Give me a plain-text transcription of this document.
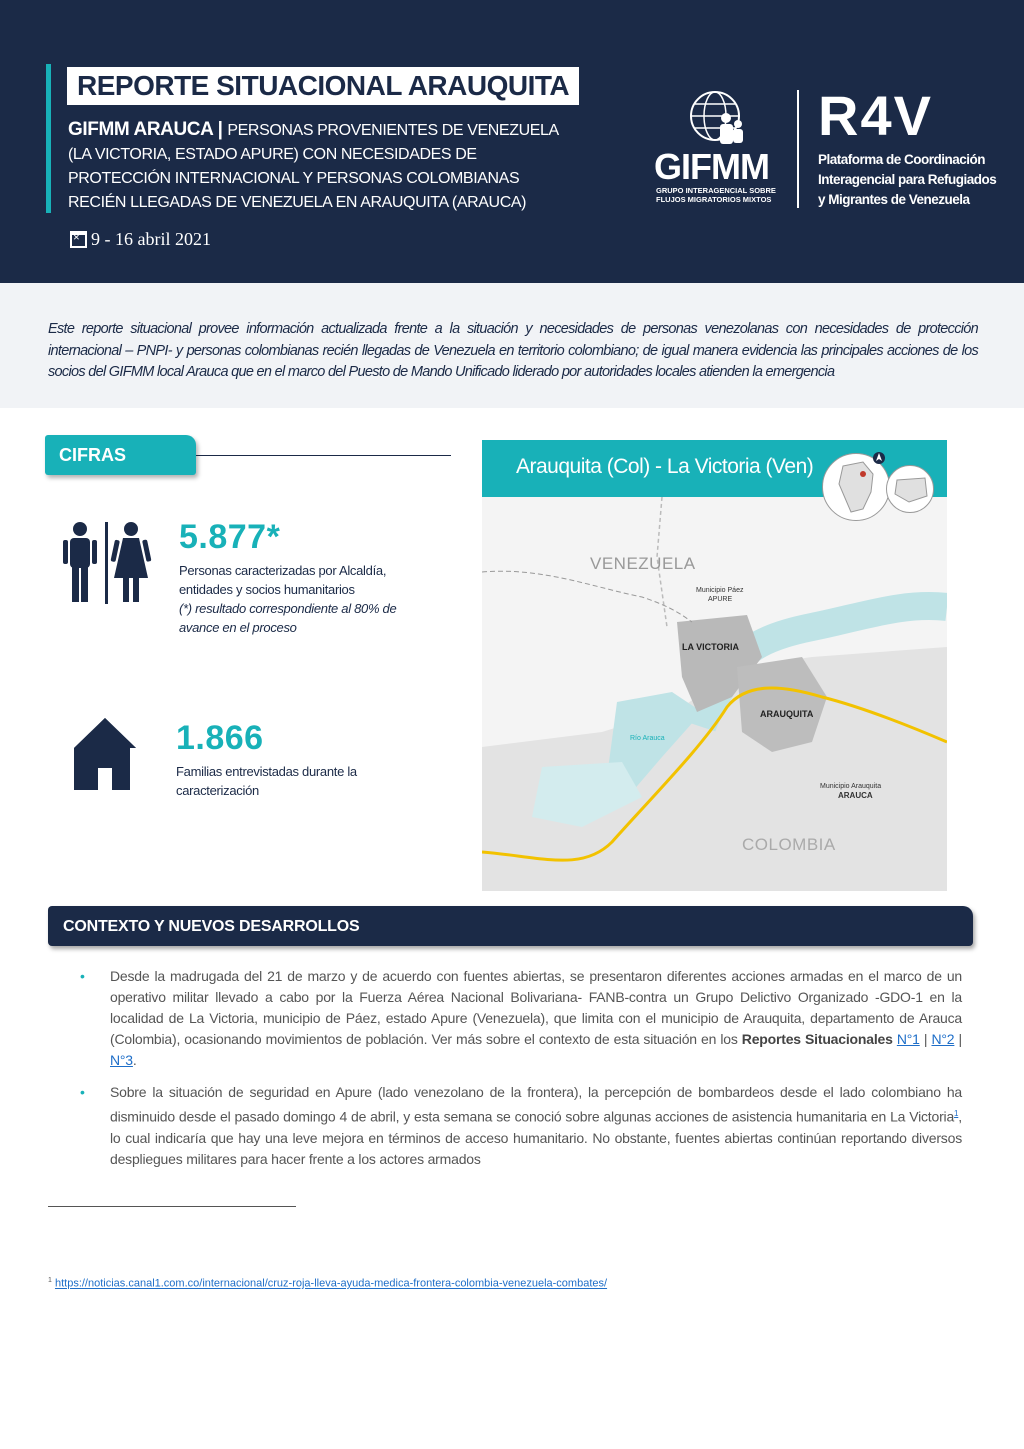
REPORTE SITUACIONAL ARAUQUITA
GIFMM ARAUCA | PERSONAS PROVENIENTES DE VENEZUELA (LA VICTORIA, ESTADO APURE) CON NECESIDADES DE PROTECCIÓN INTERNACIONAL Y PERSONAS COLOMBIANAS RECIÉN LLEGADAS DE VENEZUELA EN ARAUQUITA (ARAUCA)
×
9 - 16 abril 2021
GIFMM
GRUPO INTERAGENCIAL SOBRE FLUJOS MIGRATORIOS MIXTOS
R4V
Plataforma de Coordinación Interagencial para Refugiados y Migrantes de Venezuela

Este reporte situacional provee información actualizada frente a la situación y necesidades de personas venezolanas con necesidades de protección internacional – PNPI- y personas colombianas recién llegadas de Venezuela en territorio colombiano; de igual manera evidencia las principales acciones de los socios del GIFMM local Arauca que en el marco del Puesto de Mando Unificado liderado por autoridades locales atienden la emergencia

CIFRAS
5.877*
Personas caracterizadas por Alcaldía, entidades y socios humanitarios
(*) resultado correspondiente al 80% de avance en el proceso
1.866
Familias entrevistadas durante la caracterización
Arauquita (Col) - La Victoria (Ven)
VENEZUELA
COLOMBIA
LA VICTORIA
ARAUQUITA
ARAUCA
Municipio Páez
APURE
Río Arauca
Municipio Arauquita
CONTEXTO Y NUEVOS DESARROLLOS
• Desde la madrugada del 21 de marzo y de acuerdo con fuentes abiertas, se presentaron diferentes acciones armadas en el marco de un operativo militar llevado a cabo por la Fuerza Aérea Nacional Bolivariana- FANB-contra un Grupo Delictivo Organizado -GDO-1 en la localidad de La Victoria, municipio de Páez, estado Apure (Venezuela), que limita con el municipio de Arauquita, departamento de Arauca (Colombia), ocasionando movimientos de población. Ver más sobre el contexto de esta situación en los Reportes Situacionales N°1 | N°2 | N°3.
• Sobre la situación de seguridad en Apure (lado venezolano de la frontera), la percepción de bombardeos desde el lado colombiano ha disminuido desde el pasado domingo 4 de abril, y esta semana se conoció sobre algunas acciones de asistencia humanitaria en La Victoria$^1$, lo cual indicaría que hay una leve mejora en términos de acceso humanitario. No obstante, fuentes abiertas continúan reportando diversos despliegues militares para hacer frente a los actores armados
$^1$ https://noticias.canal1.com.co/internacional/cruz-roja-lleva-ayuda-medica-frontera-colombia-venezuela-combates/
